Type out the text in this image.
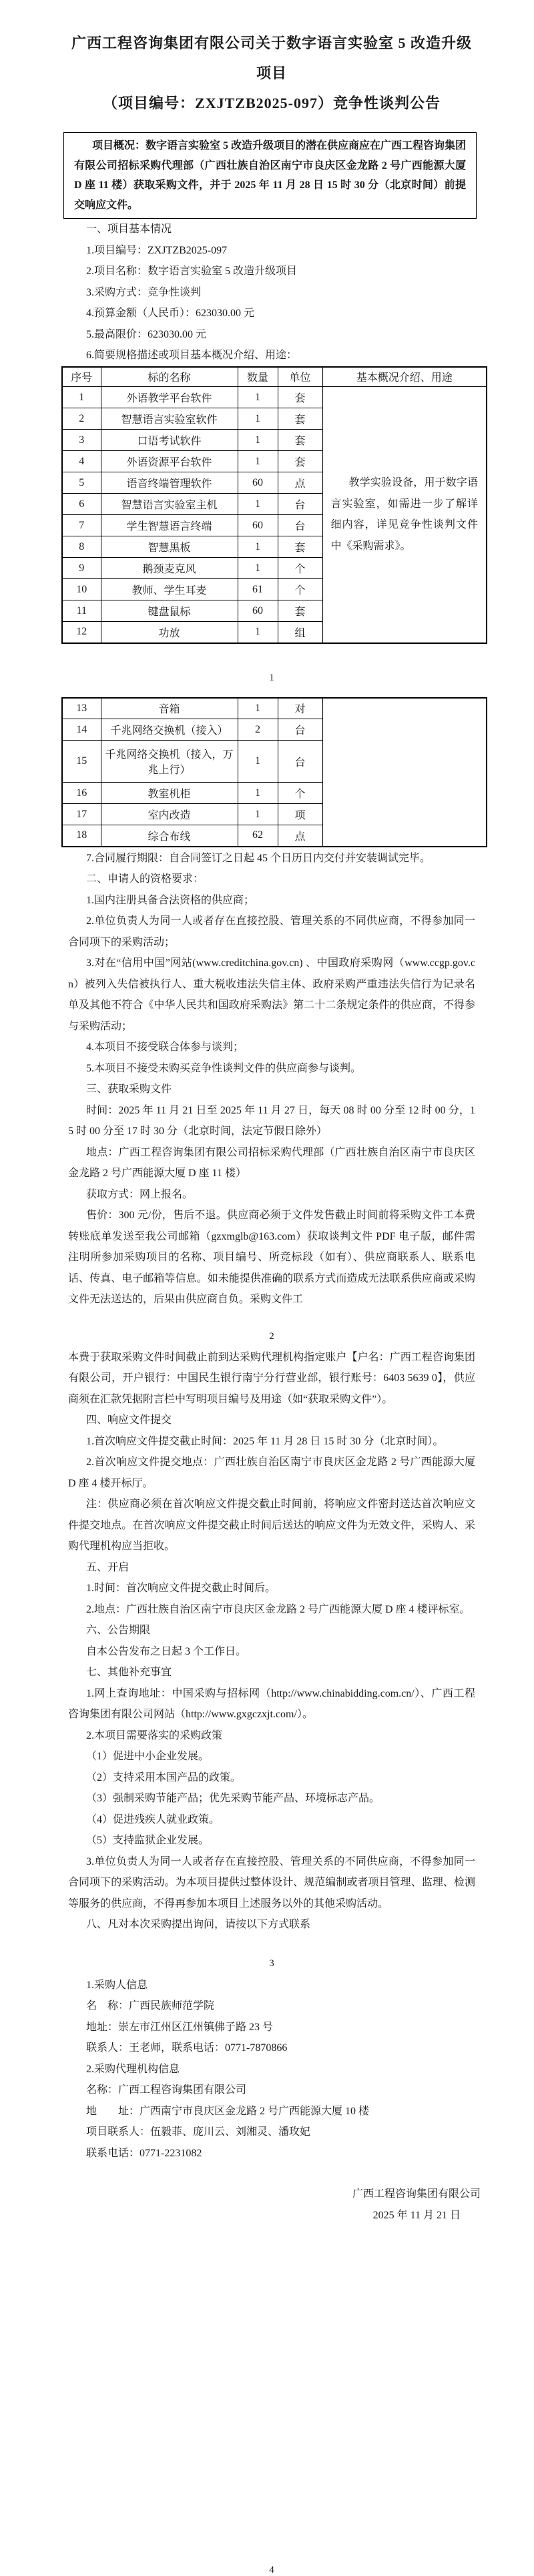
广西工程咨询集团有限公司关于数字语言实验室 5 改造升级项目
（项目编号：ZXJTZB2025-097）竞争性谈判公告

项目概况：数字语言实验室 5 改造升级项目的潜在供应商应在广西工程咨询集团有限公司招标采购代理部（广西壮族自治区南宁市良庆区金龙路 2 号广西能源大厦 D 座 11 楼）获取采购文件，并于 2025 年 11 月 28 日 15 时 30 分（北京时间）前提交响应文件。

一、项目基本情况

1.项目编号：ZXJTZB2025-097

2.项目名称：数字语言实验室 5 改造升级项目

3.采购方式：竞争性谈判

4.预算金额（人民币）：623030.00 元

5.最高限价：623030.00 元

6.简要规格描述或项目基本概况介绍、用途：

序号	标的名称	数量	单位	基本概况介绍、用途
1	外语教学平台软件	1	套	教学实验设备，用于数字语言实验室，如需进一步了解详细内容，详见竞争性谈判文件中《采购需求》。
2	智慧语言实验室软件	1	套	
3	口语考试软件	1	套	
4	外语资源平台软件	1	套	
5	语音终端管理软件	60	点	
6	智慧语言实验室主机	1	台	
7	学生智慧语言终端	60	台	
8	智慧黑板	1	套	
9	鹅颈麦克风	1	个	
10	教师、学生耳麦	61	个	
11	键盘鼠标	60	套	
12	功放	1	组	

1

13	音箱	1	对	
14	千兆网络交换机（接入）	2	台	
15	千兆网络交换机（接入，万兆上行）	1	台	
16	教室机柜	1	个	
17	室内改造	1	项	
18	综合布线	62	点	

7.合同履行期限：自合同签订之日起 45 个日历日内交付并安装调试完毕。

二、申请人的资格要求：

1.国内注册具备合法资格的供应商；

2.单位负责人为同一人或者存在直接控股、管理关系的不同供应商，不得参加同一合同项下的采购活动；

3.对在“信用中国”网站(www.creditchina.gov.cn) 、中国政府采购网（www.ccgp.gov.cn）被列入失信被执行人、重大税收违法失信主体、政府采购严重违法失信行为记录名单及其他不符合《中华人民共和国政府采购法》第二十二条规定条件的供应商，不得参与采购活动；

4.本项目不接受联合体参与谈判；

5.本项目不接受未购买竞争性谈判文件的供应商参与谈判。

三、获取采购文件

时间：2025 年 11 月 21 日至 2025 年 11 月 27 日，每天 08 时 00 分至 12 时 00 分，15 时 00 分至 17 时 30 分（北京时间，法定节假日除外）

地点：广西工程咨询集团有限公司招标采购代理部（广西壮族自治区南宁市良庆区金龙路 2 号广西能源大厦 D 座 11 楼）

获取方式：网上报名。

售价：300 元/份，售后不退。供应商必须于文件发售截止时间前将采购文件工本费转账底单发送至我公司邮箱（gzxmglb@163.com）获取谈判文件 PDF 电子版，邮件需注明所参加采购项目的名称、项目编号、所竞标段（如有）、供应商联系人、联系电话、传真、电子邮箱等信息。如未能提供准确的联系方式而造成无法联系供应商或采购文件无法送达的，后果由供应商自负。采购文件工

2

本费于获取采购文件时间截止前到达采购代理机构指定账户【户名：广西工程咨询集团有限公司，开户银行：中国民生银行南宁分行营业部，银行账号：6403 5639 0】，供应商须在汇款凭据附言栏中写明项目编号及用途（如“获取采购文件”）。

四、响应文件提交

1.首次响应文件提交截止时间：2025 年 11 月 28 日 15 时 30 分（北京时间）。

2.首次响应文件提交地点：广西壮族自治区南宁市良庆区金龙路 2 号广西能源大厦 D 座 4 楼开标厅。

注：供应商必须在首次响应文件提交截止时间前，将响应文件密封送达首次响应文件提交地点。在首次响应文件提交截止时间后送达的响应文件为无效文件，采购人、采购代理机构应当拒收。

五、开启

1.时间：首次响应文件提交截止时间后。

2.地点：广西壮族自治区南宁市良庆区金龙路 2 号广西能源大厦 D 座 4 楼评标室。

六、公告期限

自本公告发布之日起 3 个工作日。

七、其他补充事宜

1.网上查询地址：中国采购与招标网（http://www.chinabidding.com.cn/）、广西工程咨询集团有限公司网站（http://www.gxgczxjt.com/）。

2.本项目需要落实的采购政策

（1）促进中小企业发展。

（2）支持采用本国产品的政策。

（3）强制采购节能产品；优先采购节能产品、环境标志产品。

（4）促进残疾人就业政策。

（5）支持监狱企业发展。

3.单位负责人为同一人或者存在直接控股、管理关系的不同供应商，不得参加同一合同项下的采购活动。为本项目提供过整体设计、规范编制或者项目管理、监理、检测等服务的供应商，不得再参加本项目上述服务以外的其他采购活动。

八、凡对本次采购提出询问，请按以下方式联系

3

1.采购人信息

名　称：广西民族师范学院

地址：崇左市江州区江州镇佛子路 23 号

联系人：王老师，联系电话：0771-7870866

2.采购代理机构信息

名称：广西工程咨询集团有限公司

地　　址：广西南宁市良庆区金龙路 2 号广西能源大厦 10 楼

项目联系人：伍毅菲、庞川云、刘湘灵、潘玫妃

联系电话：0771-2231082

广西工程咨询集团有限公司

2025 年 11 月 21 日

4
